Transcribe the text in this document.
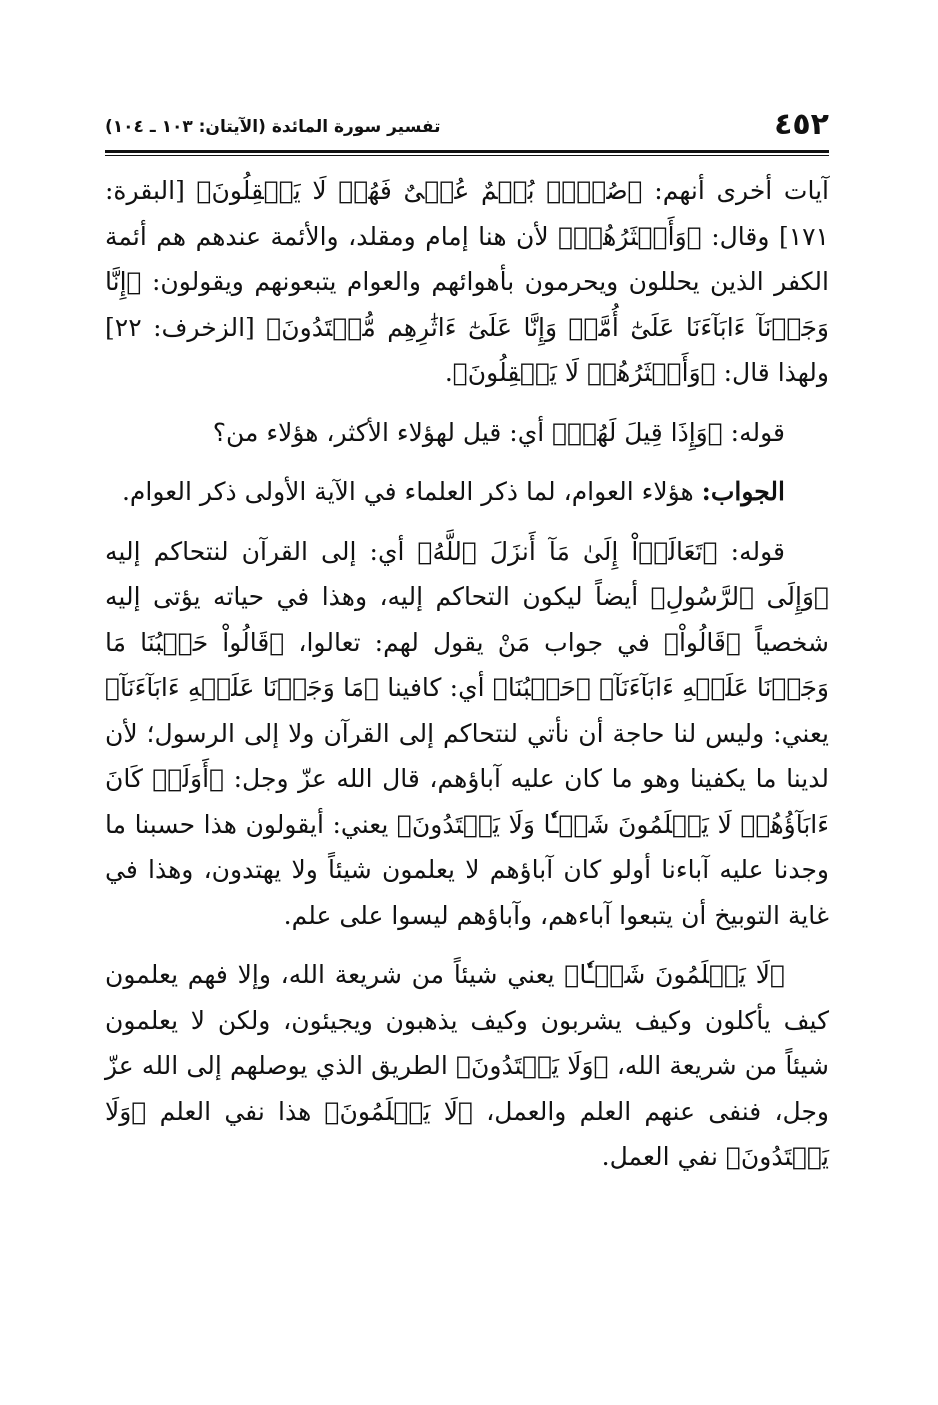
٤٥٢
تفسير سورة المائدة (الآيتان: ١٠٣ ـ ١٠٤)

آيات أخرى أنهم: ﴿صُمٌّۢ بُكۡمٌ عُمۡىٌ فَهُمۡ لَا يَعۡقِلُونَ﴾ [البقرة: ١٧١] وقال: ﴿وَأَكۡثَرُهُمۡ﴾ لأن هنا إمام ومقلد، والأئمة عندهم هم أئمة الكفر الذين يحللون ويحرمون بأهوائهم والعوام يتبعونهم ويقولون: ﴿إِنَّا وَجَدۡنَآ ءَابَآءَنَا عَلَىٰٓ أُمَّةٖ وَإِنَّا عَلَىٰٓ ءَاثَٰرِهِم مُّهۡتَدُونَ﴾ [الزخرف: ٢٢] ولهذا قال: ﴿وَأَكۡثَرُهُمۡ لَا يَعۡقِلُونَ﴾.

قوله: ﴿وَإِذَا قِيلَ لَهُمۡ﴾ أي: قيل لهؤلاء الأكثر، هؤلاء من؟

الجواب: هؤلاء العوام، لما ذكر العلماء في الآية الأولى ذكر العوام.

قوله: ﴿تَعَالَوۡاْ إِلَىٰ مَآ أَنزَلَ ٱللَّهُ﴾ أي: إلى القرآن لنتحاكم إليه ﴿وَإِلَى ٱلرَّسُولِ﴾ أيضاً ليكون التحاكم إليه، وهذا في حياته يؤتى إليه شخصياً ﴿قَالُواْ﴾ في جواب مَنْ يقول لهم: تعالوا، ﴿قَالُواْ حَسۡبُنَا مَا وَجَدۡنَا عَلَيۡهِ ءَابَآءَنَآ﴾ ﴿حَسۡبُنَا﴾ أي: كافينا ﴿مَا وَجَدۡنَا عَلَيۡهِ ءَابَآءَنَآ﴾ يعني: وليس لنا حاجة أن نأتي لنتحاكم إلى القرآن ولا إلى الرسول؛ لأن لدينا ما يكفينا وهو ما كان عليه آباؤهم، قال الله عزّ وجل: ﴿أَوَلَوۡ كَانَ ءَابَآؤُهُمۡ لَا يَعۡلَمُونَ شَيۡـٔٗا وَلَا يَهۡتَدُونَ﴾ يعني: أيقولون هذا حسبنا ما وجدنا عليه آباءنا أولو كان آباؤهم لا يعلمون شيئاً ولا يهتدون، وهذا في غاية التوبيخ أن يتبعوا آباءهم، وآباؤهم ليسوا على علم.

﴿لَا يَعۡلَمُونَ شَيۡـٔٗا﴾ يعني شيئاً من شريعة الله، وإلا فهم يعلمون كيف يأكلون وكيف يشربون وكيف يذهبون ويجيئون، ولكن لا يعلمون شيئاً من شريعة الله، ﴿وَلَا يَهۡتَدُونَ﴾ الطريق الذي يوصلهم إلى الله عزّ وجل، فنفى عنهم العلم والعمل، ﴿لَا يَعۡلَمُونَ﴾ هذا نفي العلم ﴿وَلَا يَهۡتَدُونَ﴾ نفي العمل.
